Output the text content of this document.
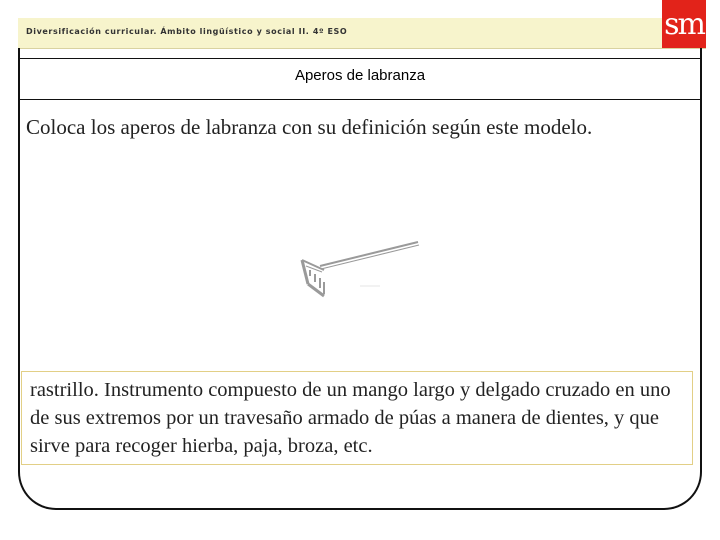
Diversificación curricular. Ámbito lingüístico y social II. 4º ESO	sm
Aperos de labranza
Coloca los aperos de labranza con su definición según este modelo.
rastrillo. Instrumento compuesto de un mango largo y delgado cruzado en uno de sus extremos por un travesaño armado de púas a manera de dientes, y que sirve para recoger hierba, paja, broza, etc.
